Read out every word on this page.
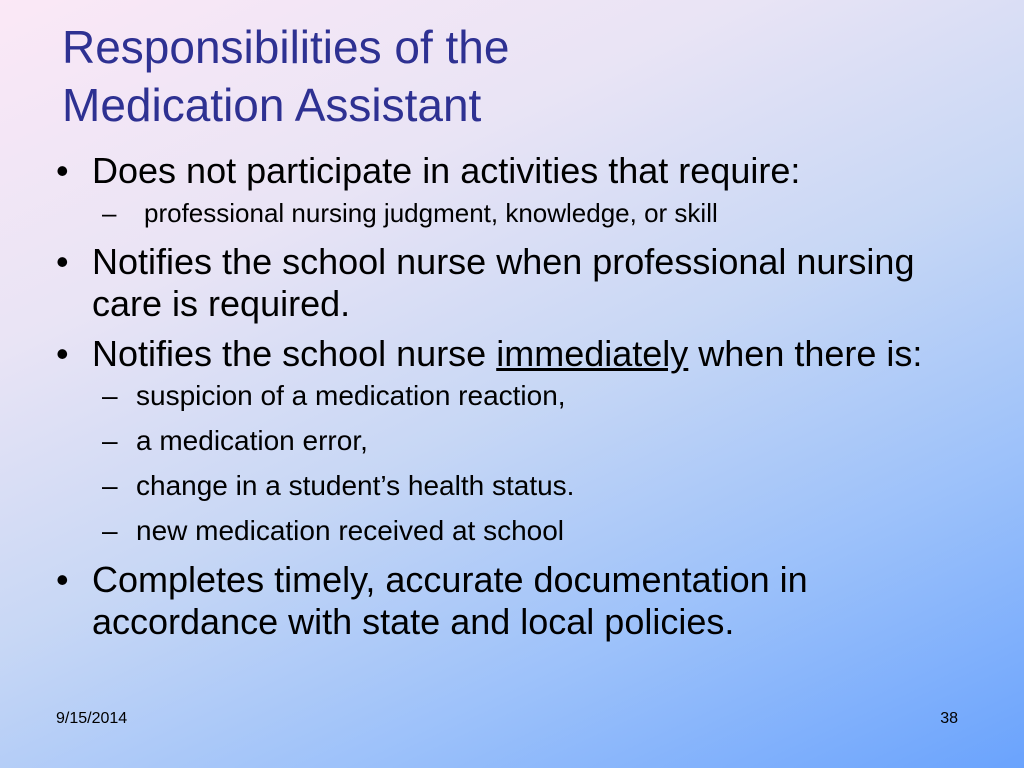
Responsibilities of the
Medication Assistant
• Does not participate in activities that require:
– professional nursing judgment, knowledge, or skill
• Notifies the school nurse when professional nursing care is required.
• Notifies the school nurse immediately when there is:
– suspicion of a medication reaction,
– a medication error,
– change in a student’s health status.
– new medication received at school
• Completes timely, accurate documentation in accordance with state and local policies.
9/15/2014	38
